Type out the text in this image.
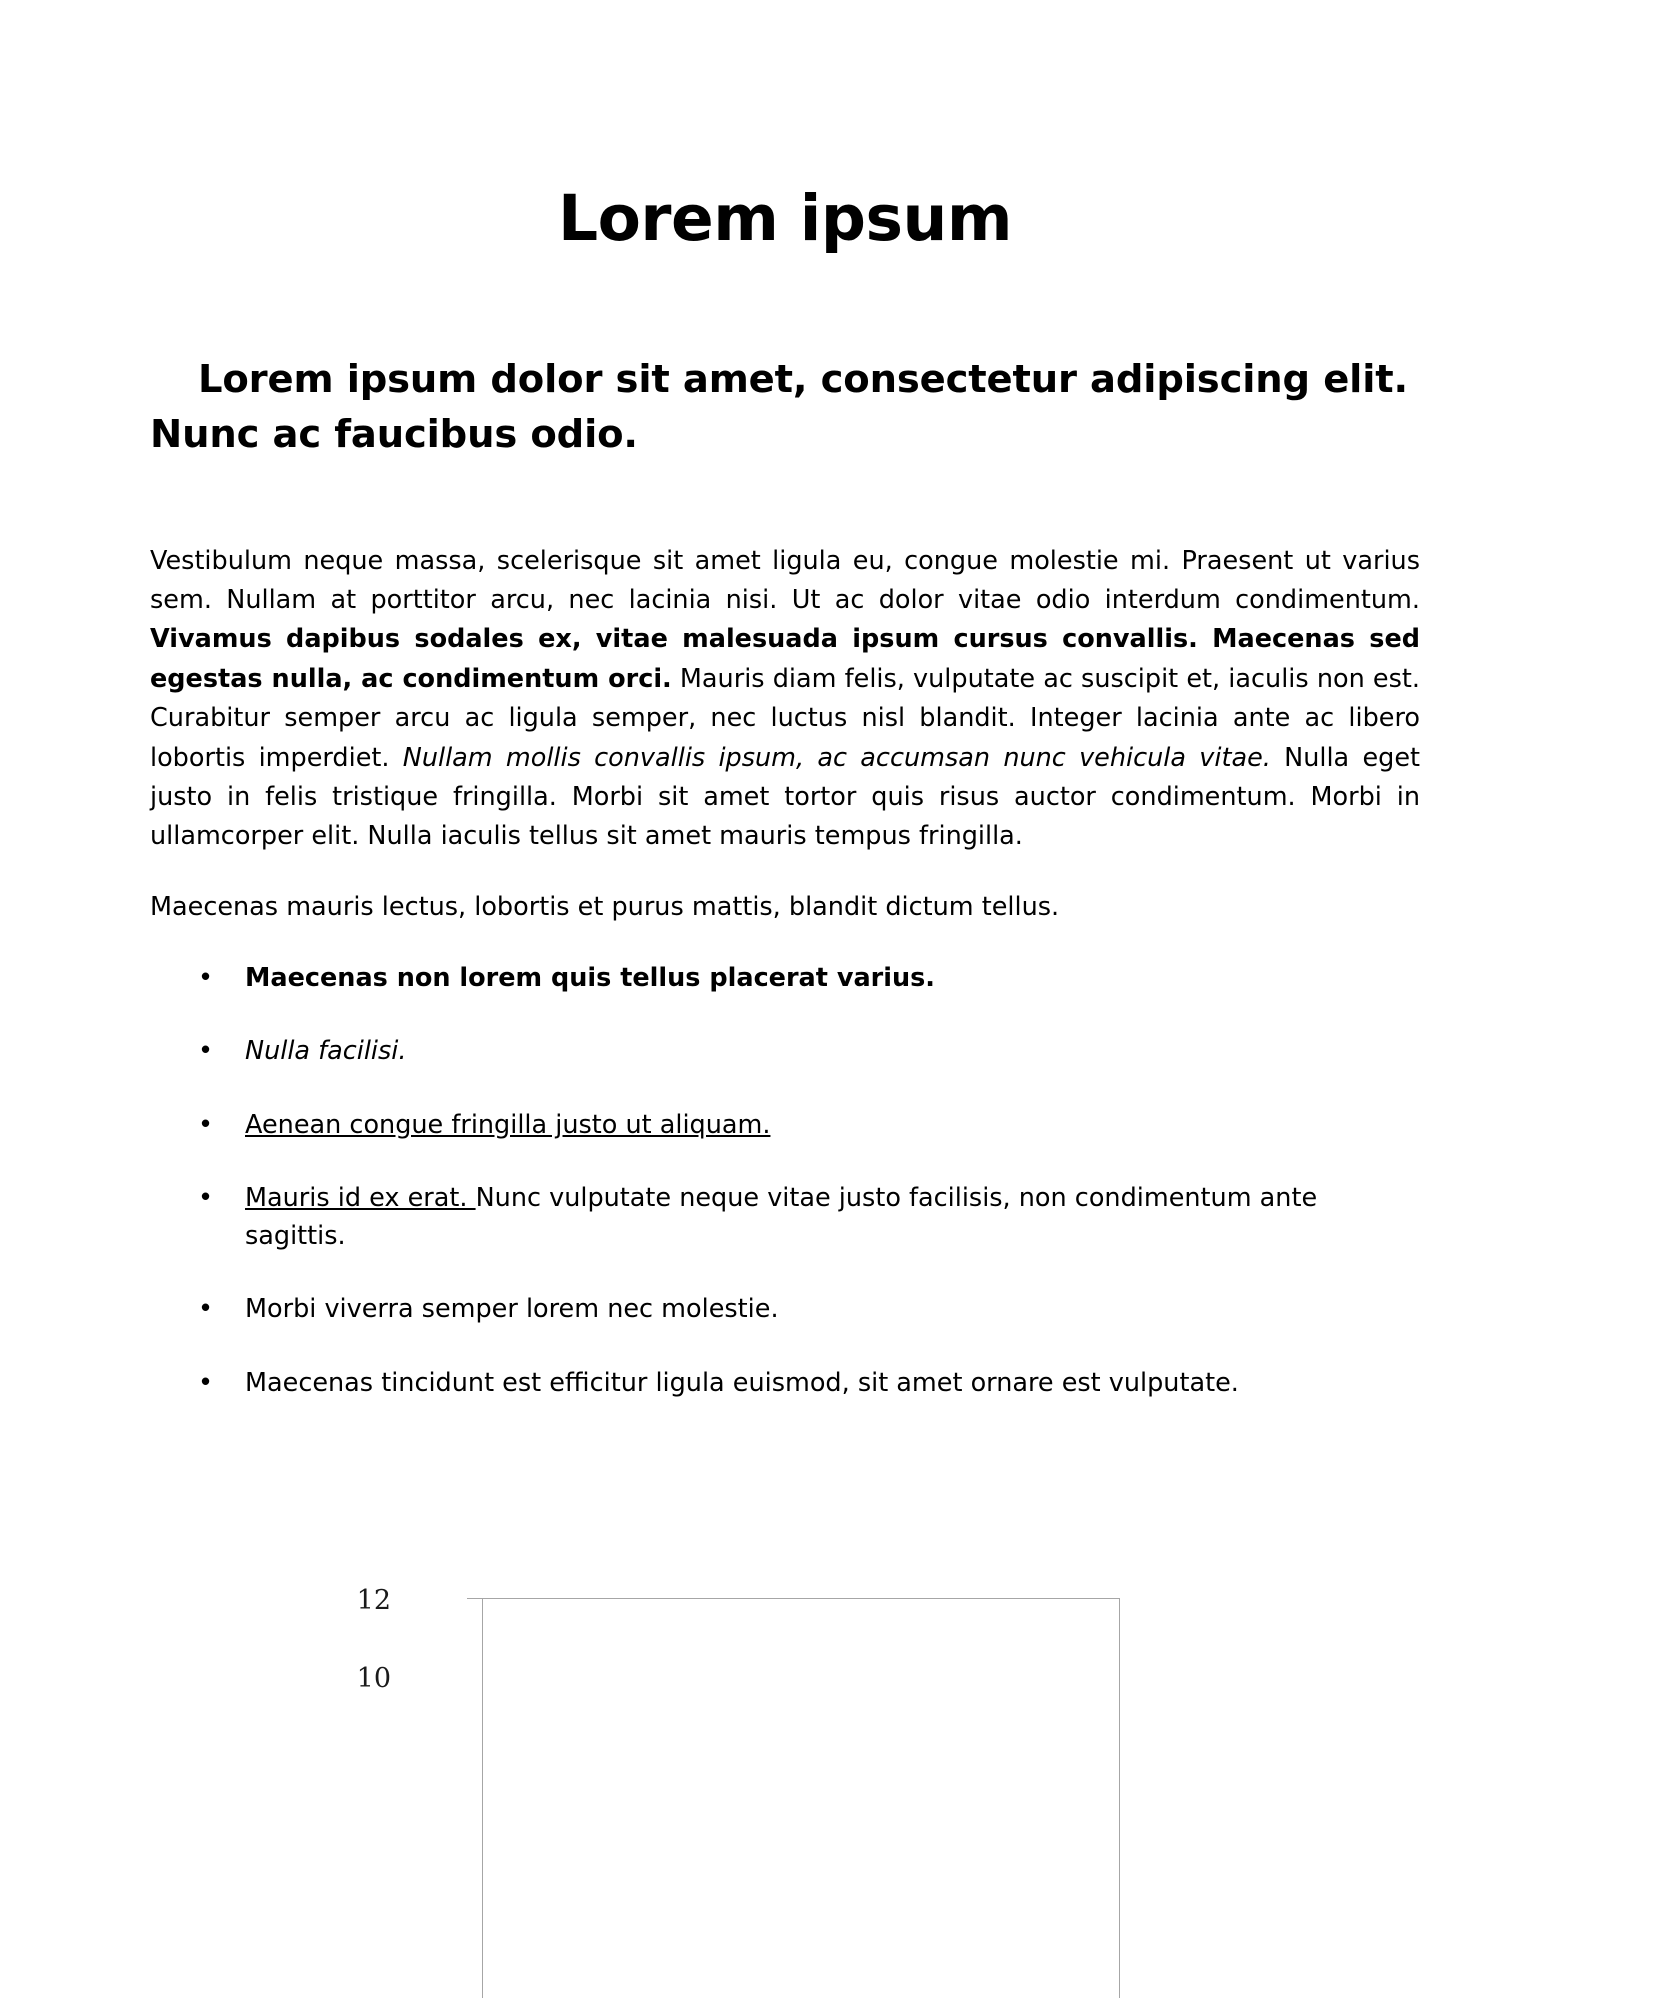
Lorem ipsum
Lorem ipsum dolor sit amet, consectetur adipiscing elit. Nunc ac faucibus odio.

Vestibulum neque massa, scelerisque sit amet ligula eu, congue molestie mi. Praesent ut varius sem. Nullam at porttitor arcu, nec lacinia nisi. Ut ac dolor vitae odio interdum condimentum. Vivamus dapibus sodales ex, vitae malesuada ipsum cursus convallis. Maecenas sed egestas nulla, ac condimentum orci. Mauris diam felis, vulputate ac suscipit et, iaculis non est. Curabitur semper arcu ac ligula semper, nec luctus nisl blandit. Integer lacinia ante ac libero lobortis imperdiet. Nullam mollis convallis ipsum, ac accumsan nunc vehicula vitae. Nulla eget justo in felis tristique fringilla. Morbi sit amet tortor quis risus auctor condimentum. Morbi in ullamcorper elit. Nulla iaculis tellus sit amet mauris tempus fringilla.

Maecenas mauris lectus, lobortis et purus mattis, blandit dictum tellus.

• Maecenas non lorem quis tellus placerat varius.
• Nulla facilisi.
• Aenean congue fringilla justo ut aliquam.
• Mauris id ex erat. Nunc vulputate neque vitae justo facilisis, non condimentum ante sagittis.
• Morbi viverra semper lorem nec molestie.
• Maecenas tincidunt est efficitur ligula euismod, sit amet ornare est vulputate.
12
10
